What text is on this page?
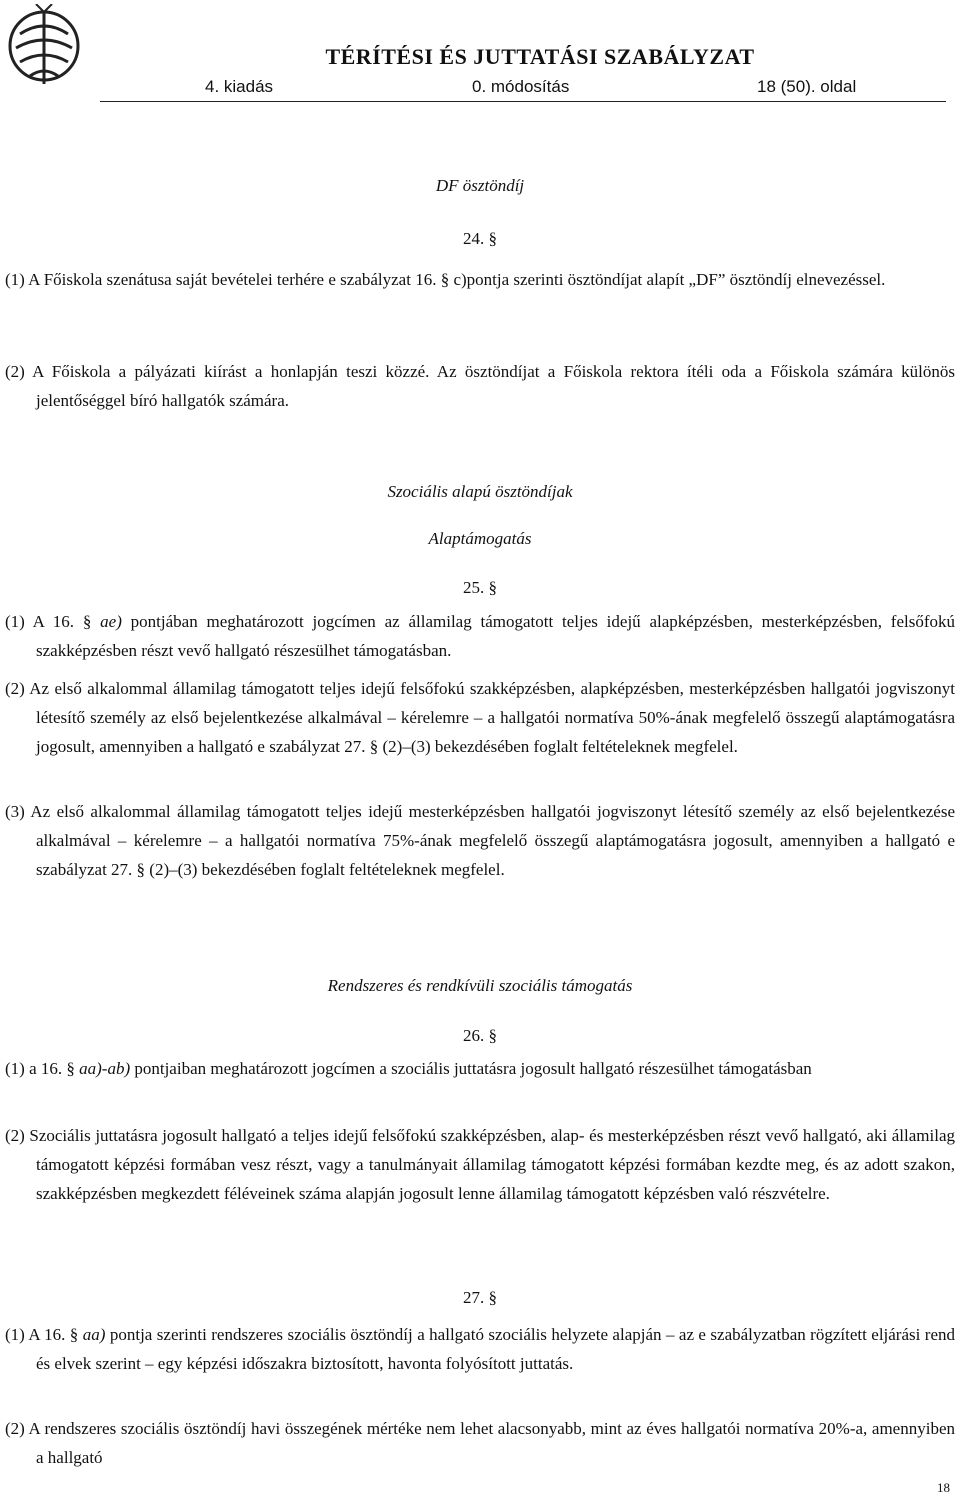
TÉRÍTÉSI ÉS JUTTATÁSI SZABÁLYZAT
4. kiadás	0. módosítás	18 (50). oldal
DF ösztöndíj
24. §
(1) A Főiskola szenátusa saját bevételei terhére e szabályzat 16. § c)pontja szerinti ösztöndíjat alapít „DF” ösztöndíj elnevezéssel.
(2) A Főiskola a pályázati kiírást a honlapján teszi közzé. Az ösztöndíjat a Főiskola rektora ítéli oda a Főiskola számára különös jelentőséggel bíró hallgatók számára.
Szociális alapú ösztöndíjak
Alaptámogatás
25. §
(1) A 16. § ae) pontjában meghatározott jogcímen az államilag támogatott teljes idejű alapképzésben, mesterképzésben, felsőfokú szakképzésben részt vevő hallgató részesülhet támogatásban.
(2) Az első alkalommal államilag támogatott teljes idejű felsőfokú szakképzésben, alapképzésben, mesterképzésben hallgatói jogviszonyt létesítő személy az első bejelentkezése alkalmával – kérelemre – a hallgatói normatíva 50%-ának megfelelő összegű alaptámogatásra jogosult, amennyiben a hallgató e szabályzat 27. § (2)–(3) bekezdésében foglalt feltételeknek megfelel.
(3) Az első alkalommal államilag támogatott teljes idejű mesterképzésben hallgatói jogviszonyt létesítő személy az első bejelentkezése alkalmával – kérelemre – a hallgatói normatíva 75%-ának megfelelő összegű alaptámogatásra jogosult, amennyiben a hallgató e szabályzat 27. § (2)–(3) bekezdésében foglalt feltételeknek megfelel.
Rendszeres és rendkívüli szociális támogatás
26. §
(1) a 16. § aa)-ab) pontjaiban meghatározott jogcímen a szociális juttatásra jogosult hallgató részesülhet támogatásban
(2) Szociális juttatásra jogosult hallgató a teljes idejű felsőfokú szakképzésben, alap- és mesterképzésben részt vevő hallgató, aki államilag támogatott képzési formában vesz részt, vagy a tanulmányait államilag támogatott képzési formában kezdte meg, és az adott szakon, szakképzésben megkezdett féléveinek száma alapján jogosult lenne államilag támogatott képzésben való részvételre.
27. §
(1) A 16. § aa) pontja szerinti rendszeres szociális ösztöndíj a hallgató szociális helyzete alapján – az e szabályzatban rögzített eljárási rend és elvek szerint – egy képzési időszakra biztosított, havonta folyósított juttatás.
(2) A rendszeres szociális ösztöndíj havi összegének mértéke nem lehet alacsonyabb, mint az éves hallgatói normatíva 20%-a, amennyiben a hallgató
18
